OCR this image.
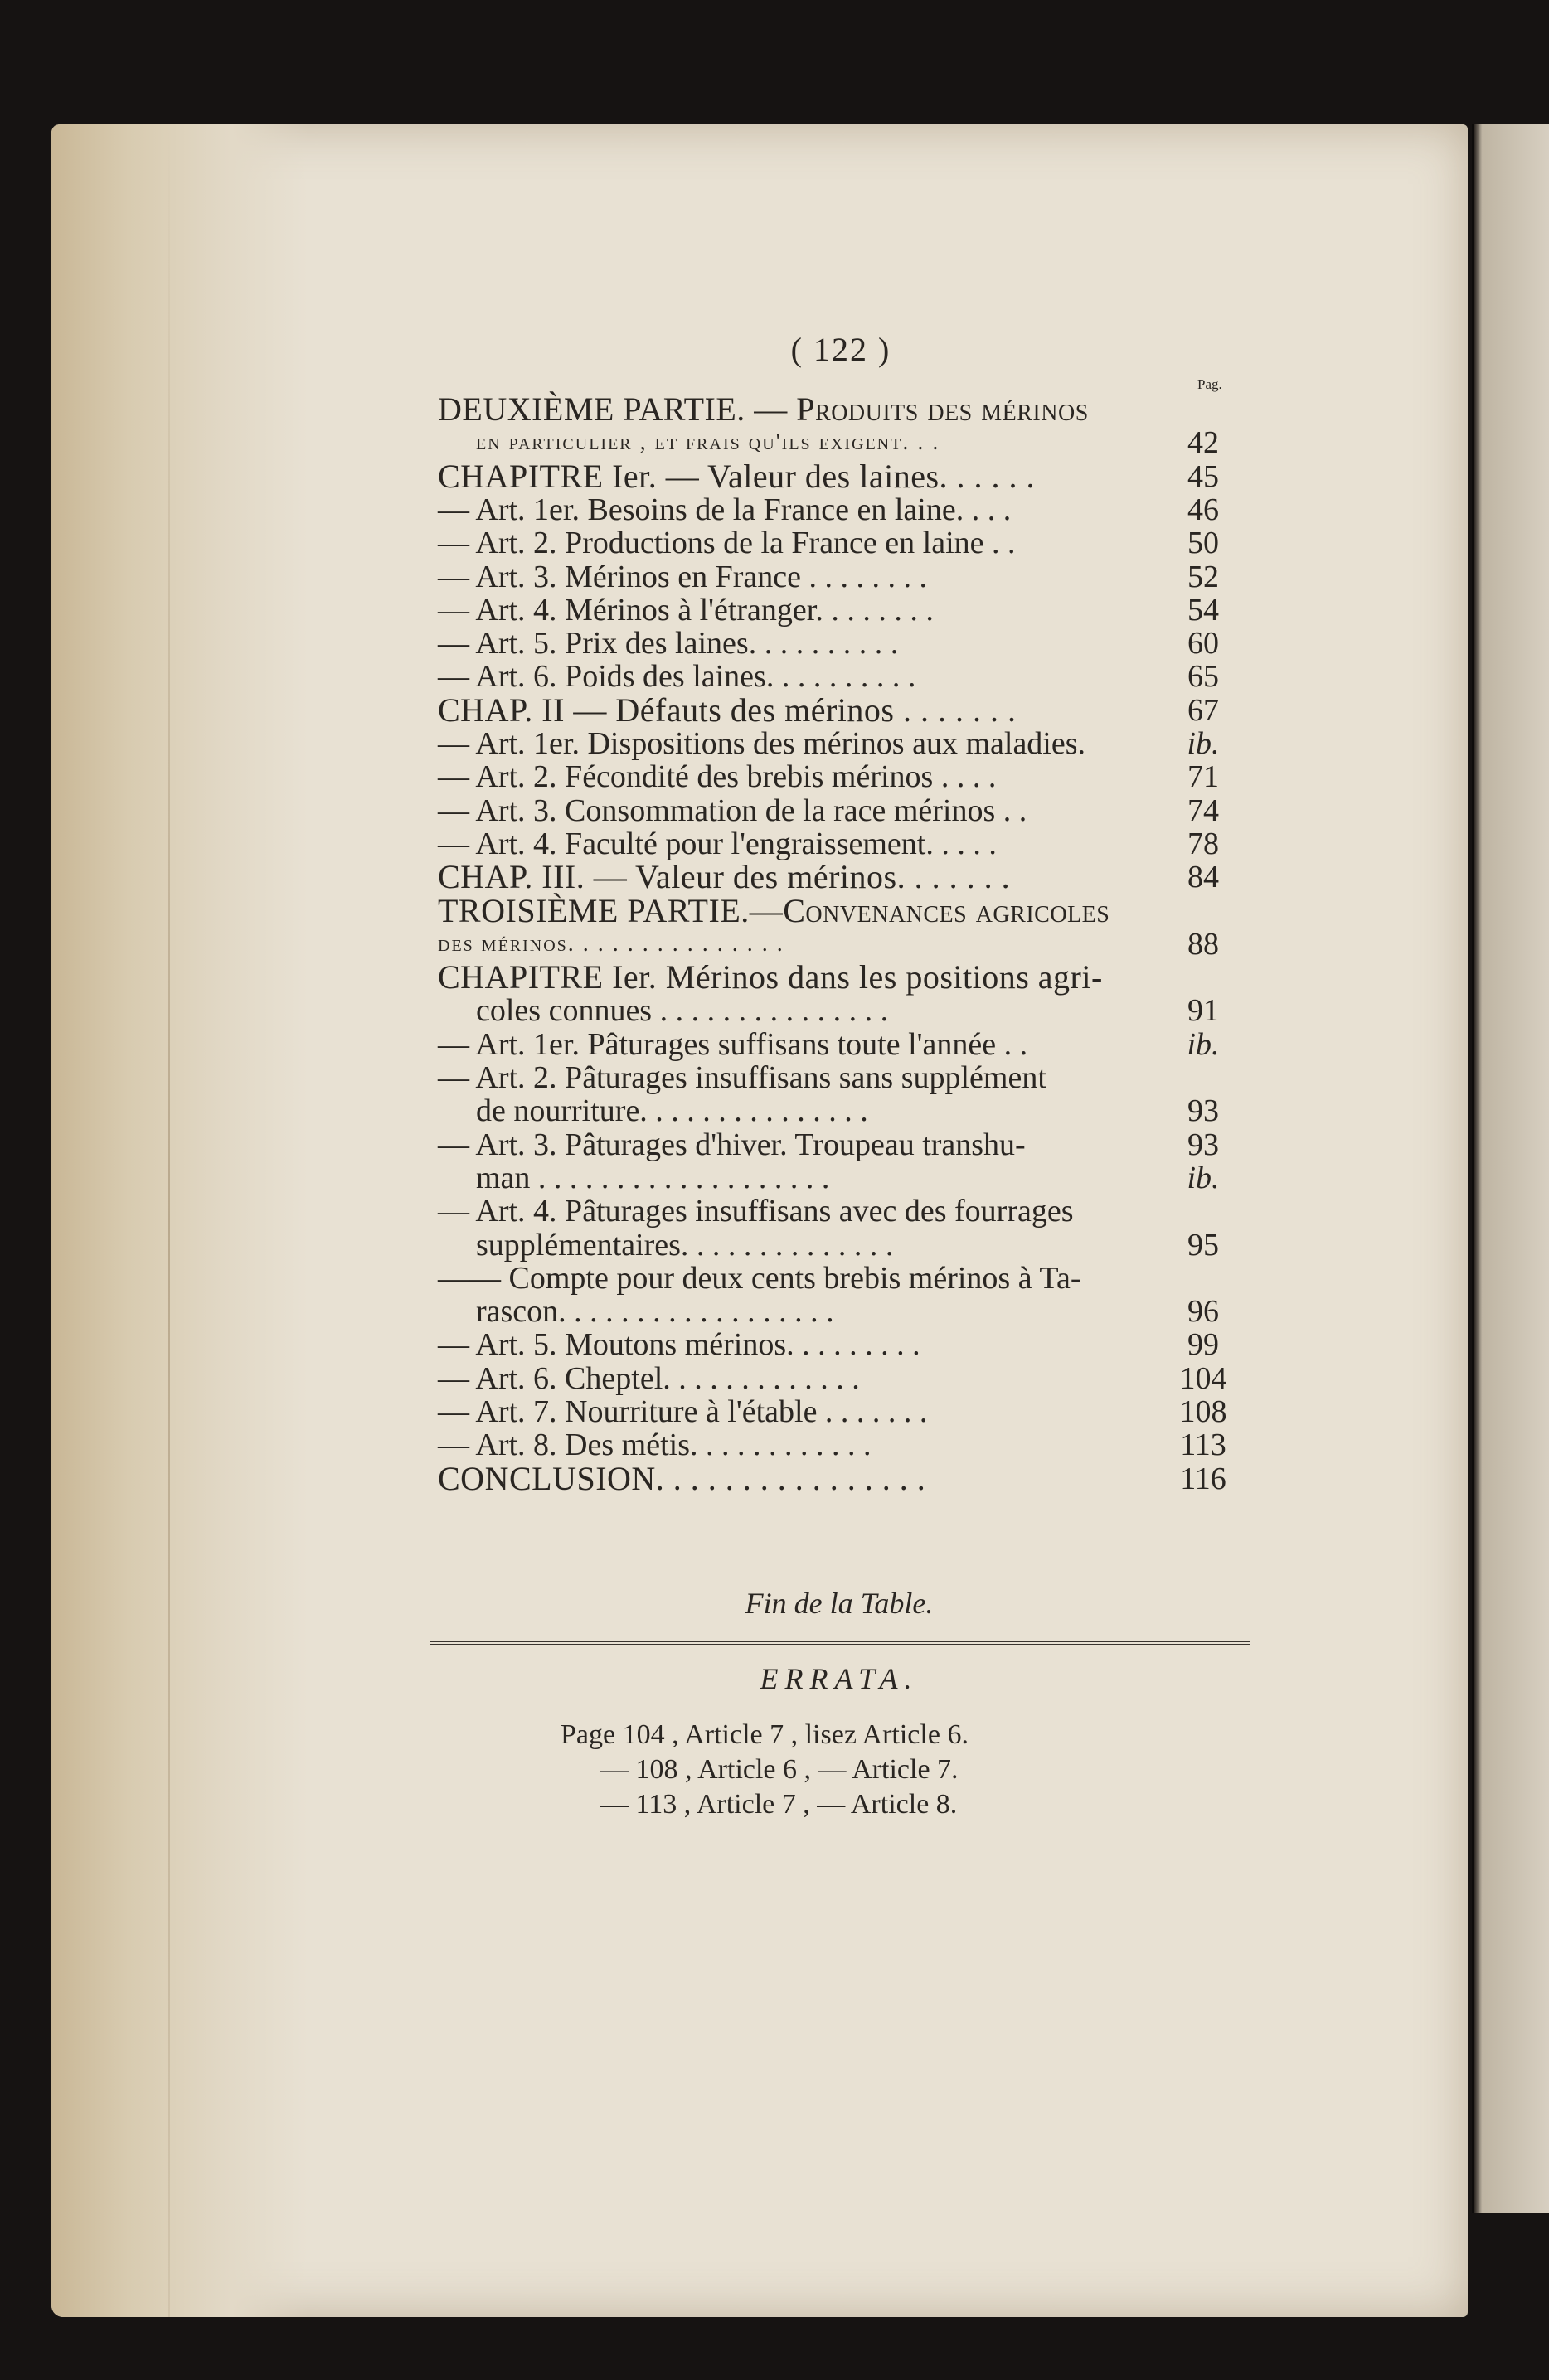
( 122 )
Pag.
DEUXIÈME PARTIE. — Produits des mérinos
en particulier , et frais qu'ils exigent. . .	42
CHAPITRE Ier. — Valeur des laines. . . . . .	45
— Art. 1er. Besoins de la France en laine. . . .	46
— Art. 2. Productions de la France en laine . .	50
— Art. 3. Mérinos en France . . . . . . . .	52
— Art. 4. Mérinos à l'étranger. . . . . . . .	54
— Art. 5. Prix des laines. . . . . . . . . .	60
— Art. 6. Poids des laines. . . . . . . . . .	65
CHAP. II — Défauts des mérinos . . . . . . .	67
— Art. 1er. Dispositions des mérinos aux maladies.	ib.
— Art. 2. Fécondité des brebis mérinos . . . .	71
— Art. 3. Consommation de la race mérinos . .	74
— Art. 4. Faculté pour l'engraissement. . . . .	78
CHAP. III. — Valeur des mérinos. . . . . . .	84
TROISIÈME PARTIE.—Convenances agricoles
des mérinos. . . . . . . . . . . . . . .	88
CHAPITRE Ier. Mérinos dans les positions agri-
coles connues . . . . . . . . . . . . . . .	91
— Art. 1er. Pâturages suffisans toute l'année . .	ib.
— Art. 2. Pâturages insuffisans sans supplément
de nourriture. . . . . . . . . . . . . . .	93
— Art. 3. Pâturages d'hiver. Troupeau transhu-	93
man . . . . . . . . . . . . . . . . . . .	ib.
— Art. 4. Pâturages insuffisans avec des fourrages
supplémentaires. . . . . . . . . . . . . .	95
—— Compte pour deux cents brebis mérinos à Ta-
rascon. . . . . . . . . . . . . . . . . .	96
— Art. 5. Moutons mérinos. . . . . . . . .	99
— Art. 6. Cheptel. . . . . . . . . . . . .	104
— Art. 7. Nourriture à l'étable . . . . . . .	108
— Art. 8. Des métis. . . . . . . . . . . .	113
CONCLUSION. . . . . . . . . . . . . . . .	116
Fin de la Table.
ERRATA.
Page 104 , Article 7 , lisez Article 6.
— 108 , Article 6 , — Article 7.
— 113 , Article 7 , — Article 8.
